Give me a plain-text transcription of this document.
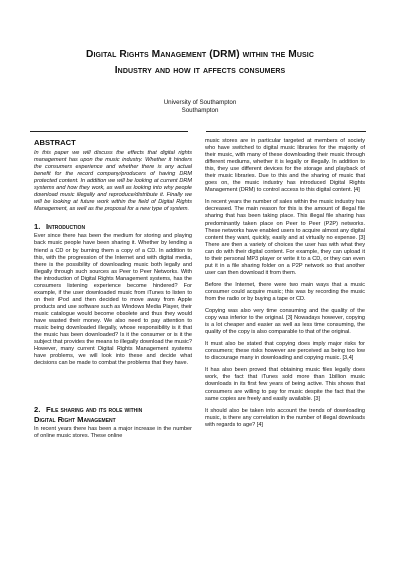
Digital Rights Management (DRM) within the Music
Industry and how it affects consumers
University of Southampton
Southampton
ABSTRACT

In this paper we will discuss the effects that digital rights management has upon the music industry. Whether it hinders the consumers experience and whether there is any actual benefit for the record company/producers of having DRM protected content. In addition we will be looking at current DRM systems and how they work, as well as looking into why people download music illegally and reproduce/distribute it. Finally we will be looking at future work within the field of Digital Rights Management, as well as the proposal for a new type of system.

1. Introduction

Ever since there has been the medium for storing and playing back music people have been sharing it. Whether by lending a friend a CD or by burning them a copy of a CD. In addition to this, with the progression of the Internet and with digital media, there is the possibility of downloading music both legally and illegally through such sources as Peer to Peer Networks. With the introduction of Digital Rights Management systems, has the consumers listening experience become hindered? For example, if the user downloaded music from iTunes to listen to on their iPod and then decided to move away from Apple products and use software such as Windows Media Player, their music catalogue would become obsolete and thus they would have wasted their money. We also need to pay attention to music being downloaded illegally, whose responsibility is it that the music has been downloaded? Is it the consumer or is it the subject that provides the means to illegally download the music? However, many current Digital Rights Management systems have problems, we will look into these and decide what decisions can be made to combat the problems that they have.

2. File sharing and its role within
Digital Right Management

In recent years there has been a major increase in the number of online music stores. These online

music stores are in particular targeted at members of society who have switched to digital music libraries for the majority of their music, with many of these downloading their music through different mediums, whether it is legally or illegally. In addition to this, they use different devices for the storage and playback of their music libraries. Due to this and the sharing of music that goes on, the music industry has introduced Digital Rights Management (DRM) to control access to this digital content. [4]

In recent years the number of sales within the music industry has decreased. The main reason for this is the amount of illegal file sharing that has been taking place. This illegal file sharing has predominantly taken place on Peer to Peer (P2P) networks. These networks have enabled users to acquire almost any digital content they want, quickly, easily and at virtually no expense. [3] There are then a variety of choices the user has with what they can do with their digital content. For example, they can upload it to their personal MP3 player or write it to a CD, or they can even put it in a file sharing folder on a P2P network so that another user can then download it from them.

Before the Internet, there were two main ways that a music consumer could acquire music; this was by recording the music from the radio or by buying a tape or CD.

Copying was also very time consuming and the quality of the copy was inferior to the original. [3] Nowadays however, copying is a lot cheaper and easier as well as less time consuming, the quality of the copy is also comparable to that of the original.

It must also be stated that copying does imply major risks for consumers; these risks however are perceived as being too low to discourage many in downloading and copying music. [3,4]

It has also been proved that obtaining music files legally does work, the fact that iTunes sold more than 1billion music downloads in its first few years of being active. This shows that consumers are willing to pay for music despite the fact that the same copies are freely and easily available. [3]

It should also be taken into account the trends of downloading music, is there any correlation in the number of illegal downloads with regards to age? [4]
